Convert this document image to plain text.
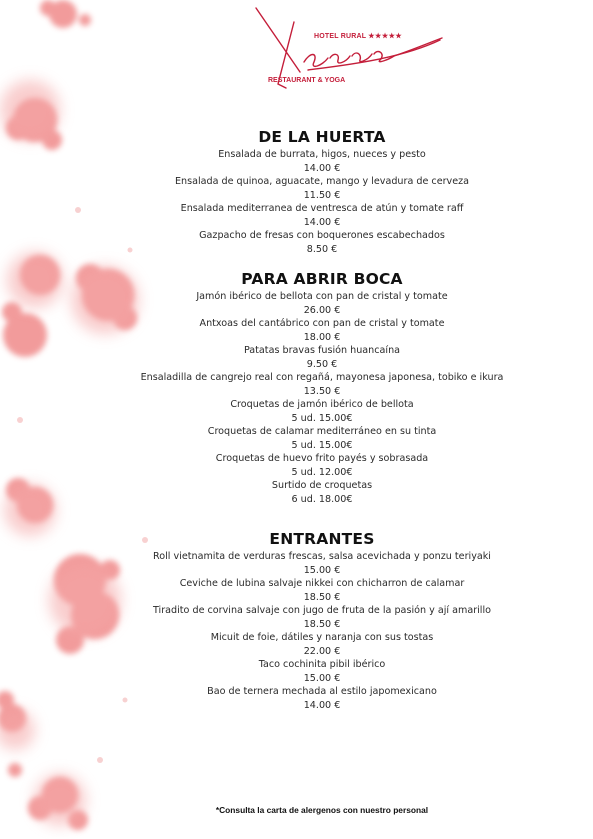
HOTEL RURAL ★★★★★
RESTAURANT & YOGA
DE LA HUERTA

Ensalada de burrata, higos, nueces y pesto

14.00 €

Ensalada de quinoa, aguacate, mango y levadura de cerveza

11.50 €

Ensalada mediterranea de ventresca de atún y tomate raff

14.00 €

Gazpacho de fresas con boquerones escabechados

8.50 €

PARA ABRIR BOCA

Jamón ibérico de bellota con pan de cristal y tomate

26.00 €

Antxoas del cantábrico con pan de cristal y tomate

18.00 €

Patatas bravas fusión huancaína

9.50 €

Ensaladilla de cangrejo real con regañá, mayonesa japonesa, tobiko e ikura

13.50 €

Croquetas de jamón ibérico de bellota

5 ud. 15.00€

Croquetas de calamar mediterráneo en su tinta

5 ud. 15.00€

Croquetas de huevo frito payés y sobrasada

5 ud. 12.00€

Surtido de croquetas

6 ud. 18.00€

ENTRANTES

Roll vietnamita de verduras frescas, salsa acevichada y ponzu teriyaki

15.00 €

Ceviche de lubina salvaje nikkei con chicharron de calamar

18.50 €

Tiradito de corvina salvaje con jugo de fruta de la pasión y ají amarillo

18.50 €

Micuit de foie, dátiles y naranja con sus tostas

22.00 €

Taco cochinita pibil ibérico

15.00 €

Bao de ternera mechada al estilo japomexicano

14.00 €

*Consulta la carta de alergenos con nuestro personal
